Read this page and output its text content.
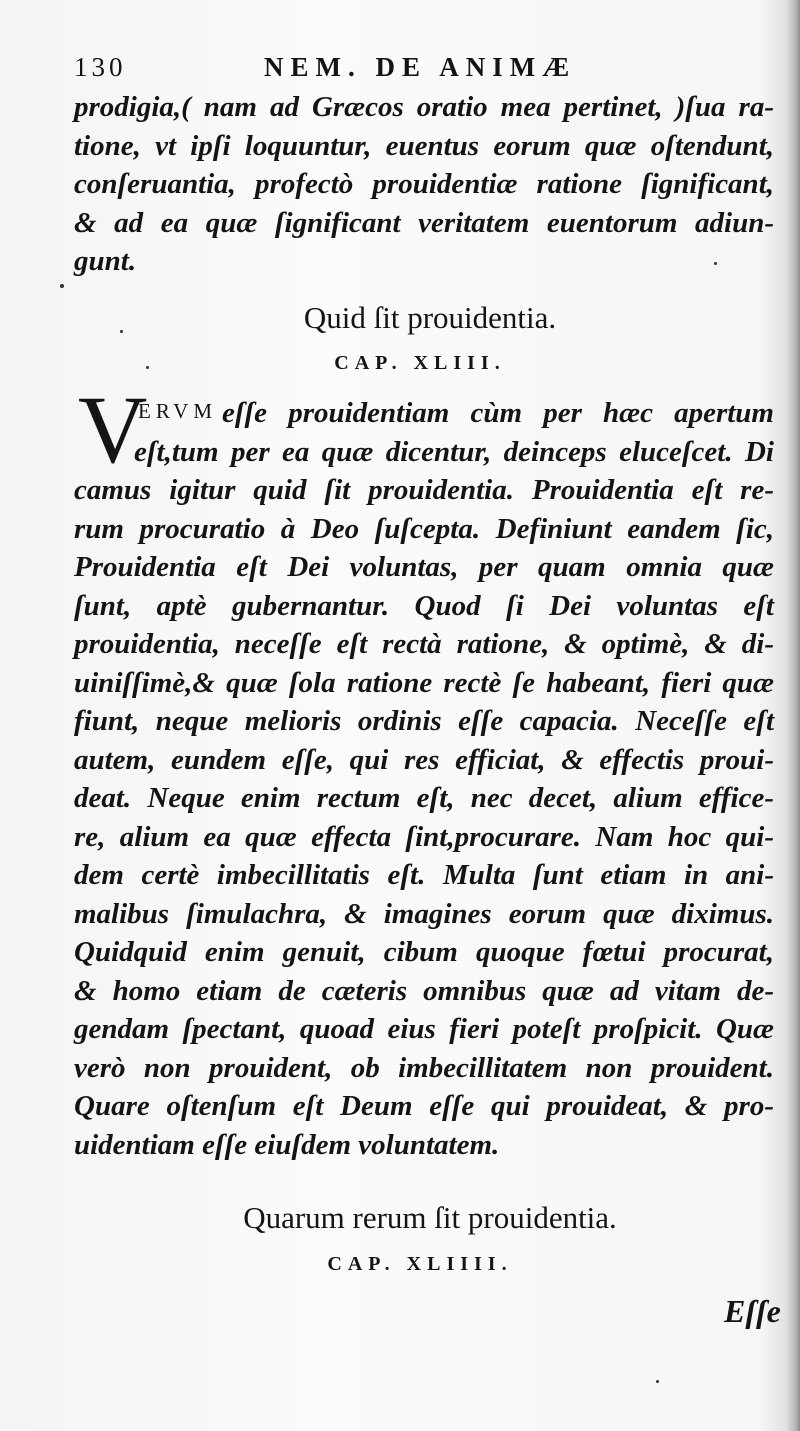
130	NEM. DE ANIMÆ
prodigia,( nam ad Græcos oratio mea pertinet, )ſua ra-
tione, vt ipſi loquuntur, euentus eorum quæ oſtendunt,
conſeruantia, profectò prouidentiæ ratione ſignificant,
& ad ea quæ ſignificant veritatem euentorum adiun-
gunt.
Quid ſit prouidentia.
CAP. XLIII.
V
ERVM eſſe prouidentiam cùm per hæc apertum
eſt,tum per ea quæ dicentur, deinceps eluceſcet. Di
camus igitur quid ſit prouidentia. Prouidentia eſt re-
rum procuratio à Deo ſuſcepta. Definiunt eandem ſic,
Prouidentia eſt Dei voluntas, per quam omnia quæ
ſunt, aptè gubernantur. Quod ſi Dei voluntas eſt
prouidentia, neceſſe eſt rectà ratione, & optimè, & di-
uiniſſimè,& quæ ſola ratione rectè ſe habeant, fieri quæ
fiunt, neque melioris ordinis eſſe capacia. Neceſſe eſt
autem, eundem eſſe, qui res efficiat, & effectis proui-
deat. Neque enim rectum eſt, nec decet, alium effice-
re, alium ea quæ effecta ſint,procurare. Nam hoc qui-
dem certè imbecillitatis eſt. Multa ſunt etiam in ani-
malibus ſimulachra, & imagines eorum quæ diximus.
Quidquid enim genuit, cibum quoque fœtui procurat,
& homo etiam de cæteris omnibus quæ ad vitam de-
gendam ſpectant, quoad eius fieri poteſt proſpicit. Quæ
verò non prouident, ob imbecillitatem non prouident.
Quare oſtenſum eſt Deum eſſe qui prouideat, & pro-
uidentiam eſſe eiuſdem voluntatem.
Quarum rerum ſit prouidentia.
CAP. XLIIII.
Eſſe
